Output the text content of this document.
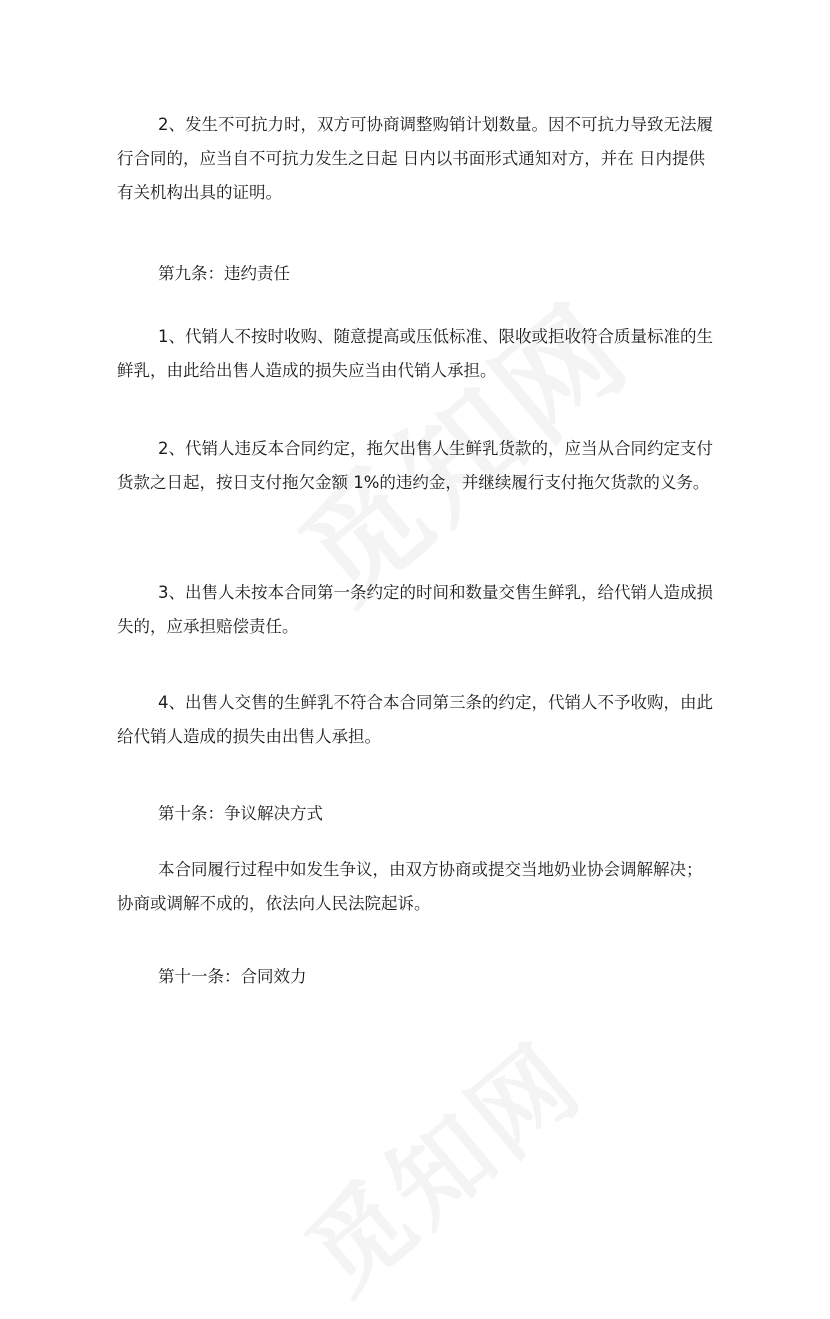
2、发生不可抗力时，双方可协商调整购销计划数量。因不可抗力导致无法履行合同的，应当自不可抗力发生之日起 日内以书面形式通知对方，并在 日内提供有关机构出具的证明。

第九条：违约责任

1、代销人不按时收购、随意提高或压低标准、限收或拒收符合质量标准的生鲜乳，由此给出售人造成的损失应当由代销人承担。

2、代销人违反本合同约定，拖欠出售人生鲜乳货款的，应当从合同约定支付货款之日起，按日支付拖欠金额 1%的违约金，并继续履行支付拖欠货款的义务。

3、出售人未按本合同第一条约定的时间和数量交售生鲜乳，给代销人造成损失的，应承担赔偿责任。

4、出售人交售的生鲜乳不符合本合同第三条的约定，代销人不予收购，由此给代销人造成的损失由出售人承担。

第十条：争议解决方式

本合同履行过程中如发生争议，由双方协商或提交当地奶业协会调解解决；协商或调解不成的，依法向人民法院起诉。

第十一条：合同效力
